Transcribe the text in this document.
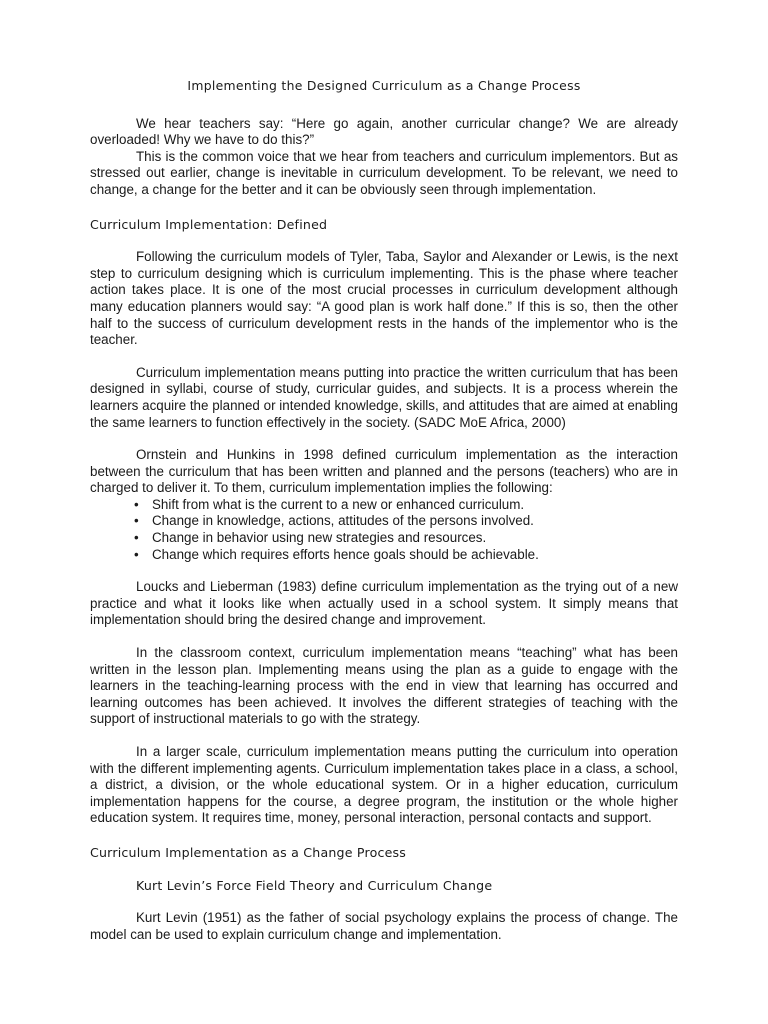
Implementing the Designed Curriculum as a Change Process

We hear teachers say: “Here go again, another curricular change? We are already overloaded! Why we have to do this?”

This is the common voice that we hear from teachers and curriculum implementors. But as stressed out earlier, change is inevitable in curriculum development. To be relevant, we need to change, a change for the better and it can be obviously seen through implementation.

Curriculum Implementation: Defined

Following the curriculum models of Tyler, Taba, Saylor and Alexander or Lewis, is the next step to curriculum designing which is curriculum implementing. This is the phase where teacher action takes place. It is one of the most crucial processes in curriculum development although many education planners would say: “A good plan is work half done.” If this is so, then the other half to the success of curriculum development rests in the hands of the implementor who is the teacher.

Curriculum implementation means putting into practice the written curriculum that has been designed in syllabi, course of study, curricular guides, and subjects. It is a process wherein the learners acquire the planned or intended knowledge, skills, and attitudes that are aimed at enabling the same learners to function effectively in the society. (SADC MoE Africa, 2000)

Ornstein and Hunkins in 1998 defined curriculum implementation as the interaction between the curriculum that has been written and planned and the persons (teachers) who are in charged to deliver it. To them, curriculum implementation implies the following:

• Shift from what is the current to a new or enhanced curriculum.
• Change in knowledge, actions, attitudes of the persons involved.
• Change in behavior using new strategies and resources.
• Change which requires efforts hence goals should be achievable.

Loucks and Lieberman (1983) define curriculum implementation as the trying out of a new practice and what it looks like when actually used in a school system. It simply means that implementation should bring the desired change and improvement.

In the classroom context, curriculum implementation means “teaching” what has been written in the lesson plan. Implementing means using the plan as a guide to engage with the learners in the teaching-learning process with the end in view that learning has occurred and learning outcomes has been achieved. It involves the different strategies of teaching with the support of instructional materials to go with the strategy.

In a larger scale, curriculum implementation means putting the curriculum into operation with the different implementing agents. Curriculum implementation takes place in a class, a school, a district, a division, or the whole educational system. Or in a higher education, curriculum implementation happens for the course, a degree program, the institution or the whole higher education system. It requires time, money, personal interaction, personal contacts and support.

Curriculum Implementation as a Change Process
Kurt Levin’s Force Field Theory and Curriculum Change

Kurt Levin (1951) as the father of social psychology explains the process of change. The model can be used to explain curriculum change and implementation.
